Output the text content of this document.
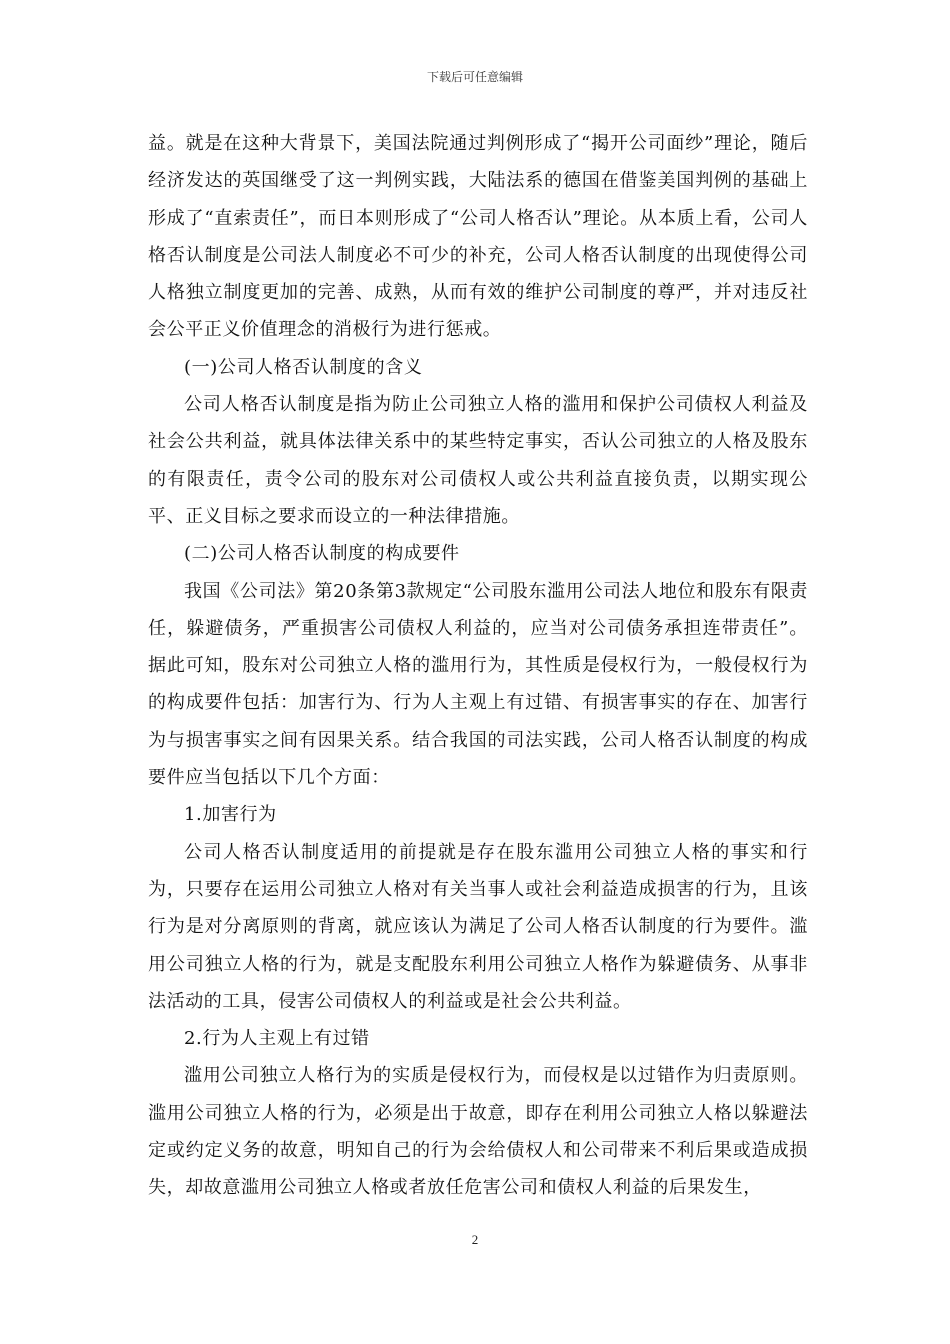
下载后可任意编辑

益。就是在这种大背景下，美国法院通过判例形成了“揭开公司面纱”理论，随后经济发达的英国继受了这一判例实践，大陆法系的德国在借鉴美国判例的基础上形成了“直索责任”，而日本则形成了“公司人格否认”理论。从本质上看，公司人格否认制度是公司法人制度必不可少的补充，公司人格否认制度的出现使得公司人格独立制度更加的完善、成熟，从而有效的维护公司制度的尊严，并对违反社会公平正义价值理念的消极行为进行惩戒。

(一)公司人格否认制度的含义

公司人格否认制度是指为防止公司独立人格的滥用和保护公司债权人利益及社会公共利益，就具体法律关系中的某些特定事实，否认公司独立的人格及股东的有限责任，责令公司的股东对公司债权人或公共利益直接负责，以期实现公平、正义目标之要求而设立的一种法律措施。

(二)公司人格否认制度的构成要件

我国《公司法》第20条第3款规定“公司股东滥用公司法人地位和股东有限责任，躲避债务，严重损害公司债权人利益的，应当对公司债务承担连带责任”。据此可知，股东对公司独立人格的滥用行为，其性质是侵权行为，一般侵权行为的构成要件包括：加害行为、行为人主观上有过错、有损害事实的存在、加害行为与损害事实之间有因果关系。结合我国的司法实践，公司人格否认制度的构成要件应当包括以下几个方面：

1.加害行为

公司人格否认制度适用的前提就是存在股东滥用公司独立人格的事实和行为，只要存在运用公司独立人格对有关当事人或社会利益造成损害的行为，且该行为是对分离原则的背离，就应该认为满足了公司人格否认制度的行为要件。滥用公司独立人格的行为，就是支配股东利用公司独立人格作为躲避债务、从事非法活动的工具，侵害公司债权人的利益或是社会公共利益。

2.行为人主观上有过错

滥用公司独立人格行为的实质是侵权行为，而侵权是以过错作为归责原则。滥用公司独立人格的行为，必须是出于故意，即存在利用公司独立人格以躲避法定或约定义务的故意，明知自己的行为会给债权人和公司带来不利后果或造成损失，却故意滥用公司独立人格或者放任危害公司和债权人利益的后果发生，

2
